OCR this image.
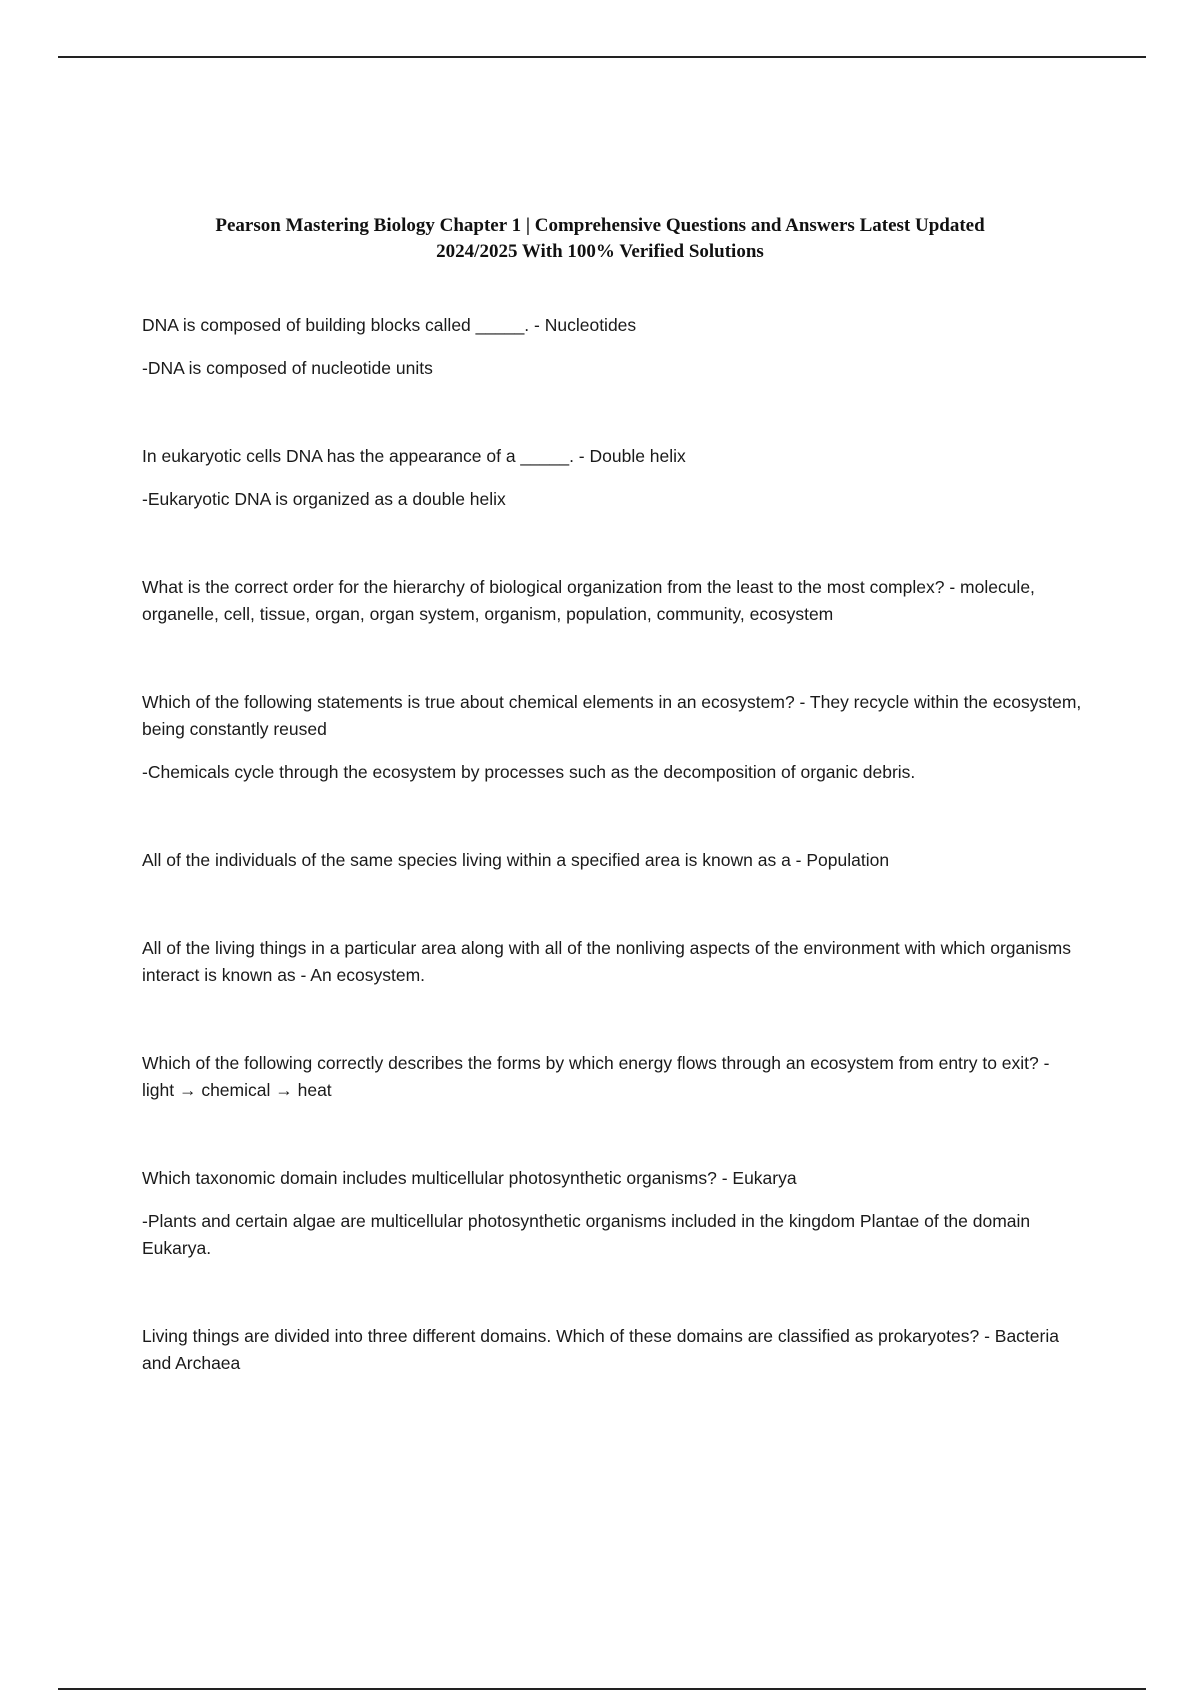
Pearson Mastering Biology Chapter 1 | Comprehensive Questions and Answers Latest Updated
2024/2025 With 100% Verified Solutions

DNA is composed of building blocks called _____. - Nucleotides

-DNA is composed of nucleotide units

In eukaryotic cells DNA has the appearance of a _____. - Double helix

-Eukaryotic DNA is organized as a double helix

What is the correct order for the hierarchy of biological organization from the least to the most complex? - molecule, organelle, cell, tissue, organ, organ system, organism, population, community, ecosystem

Which of the following statements is true about chemical elements in an ecosystem? - They recycle within the ecosystem, being constantly reused

-Chemicals cycle through the ecosystem by processes such as the decomposition of organic debris.

All of the individuals of the same species living within a specified area is known as a - Population

All of the living things in a particular area along with all of the nonliving aspects of the environment with which organisms interact is known as - An ecosystem.

Which of the following correctly describes the forms by which energy flows through an ecosystem from entry to exit? - light → chemical → heat

Which taxonomic domain includes multicellular photosynthetic organisms? - Eukarya

-Plants and certain algae are multicellular photosynthetic organisms included in the kingdom Plantae of the domain Eukarya.

Living things are divided into three different domains. Which of these domains are classified as prokaryotes? - Bacteria and Archaea
